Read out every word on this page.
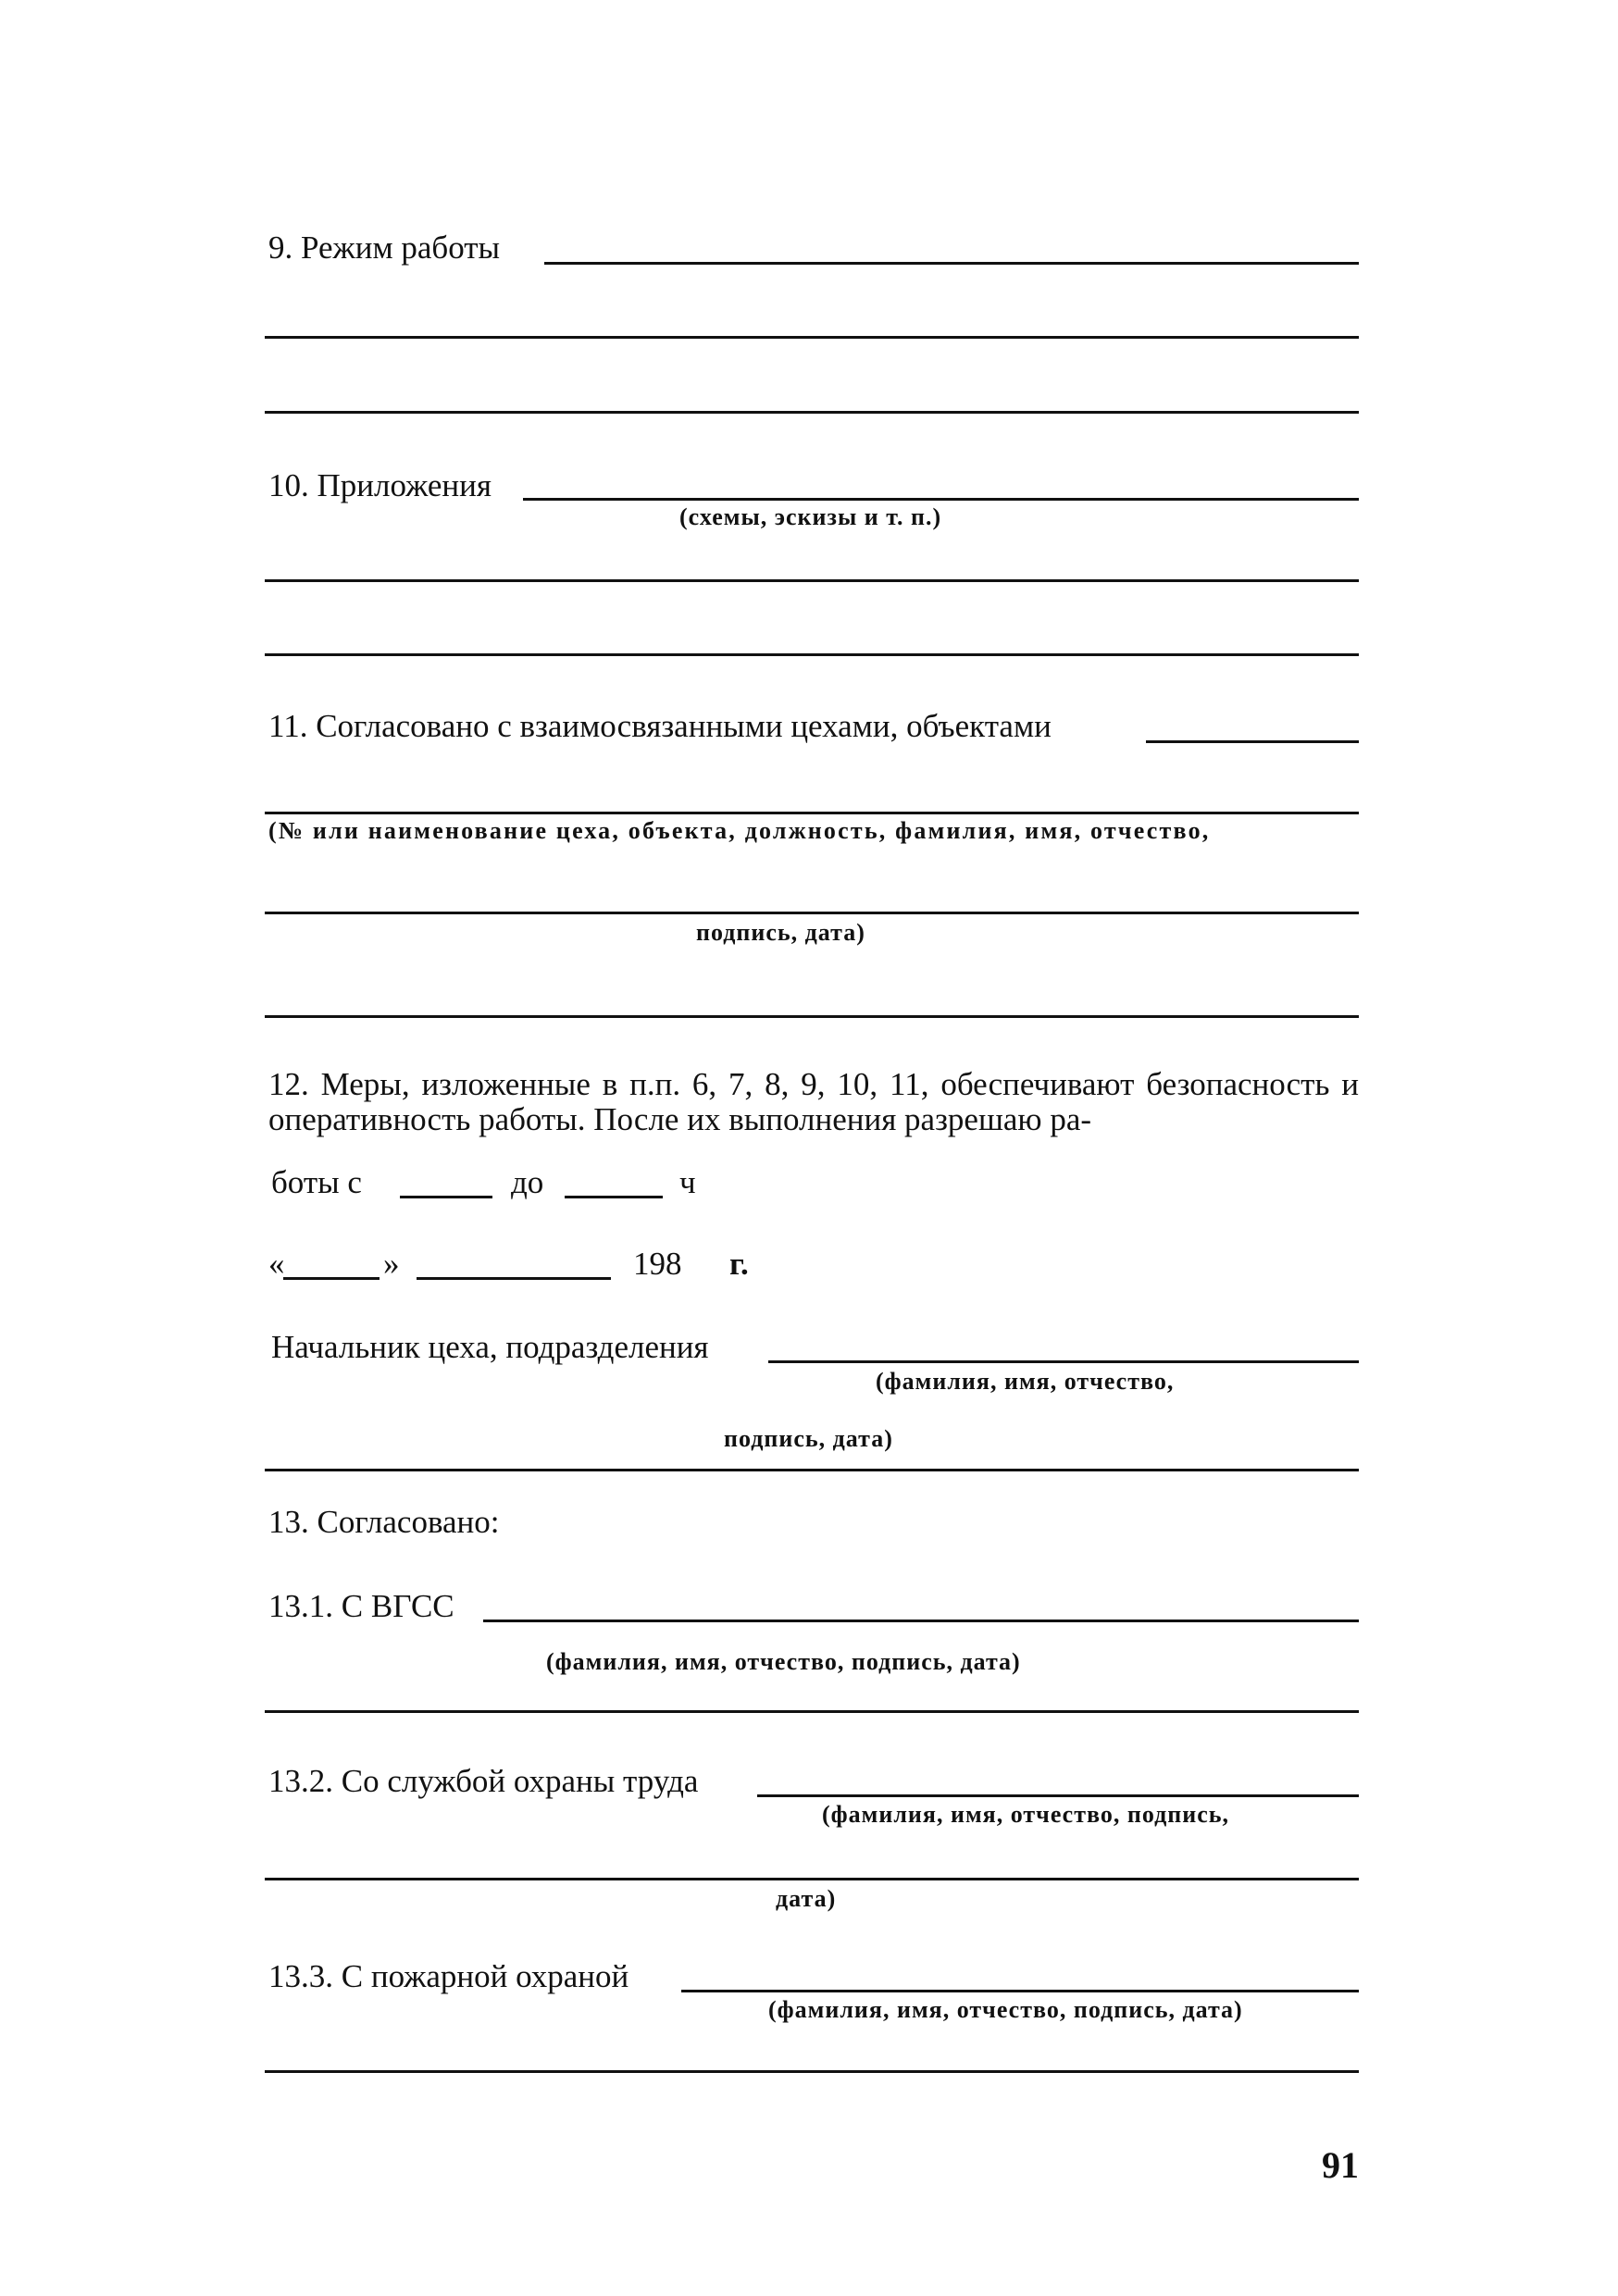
9. Режим работы
10. Приложения
(схемы, эскизы и т. п.)
11. Согласовано с взаимосвязанными цехами, объектами
(№ или наименование цеха, объекта, должность, фамилия, имя, отчество,
подпись, дата)
12. Меры, изложенные в п.п. 6, 7, 8, 9, 10, 11, обеспечивают безопасность и оперативность работы. После их выполнения разрешаю ра-
боты с	до	ч
«	»	198 г.
Начальник цеха, подразделения
(фамилия, имя, отчество,
подпись, дата)
13. Согласовано:
13.1. С ВГСС
(фамилия, имя, отчество, подпись, дата)
13.2. Со службой охраны труда
(фамилия, имя, отчество, подпись,
дата)
13.3. С пожарной охраной
(фамилия, имя, отчество, подпись, дата)
91
